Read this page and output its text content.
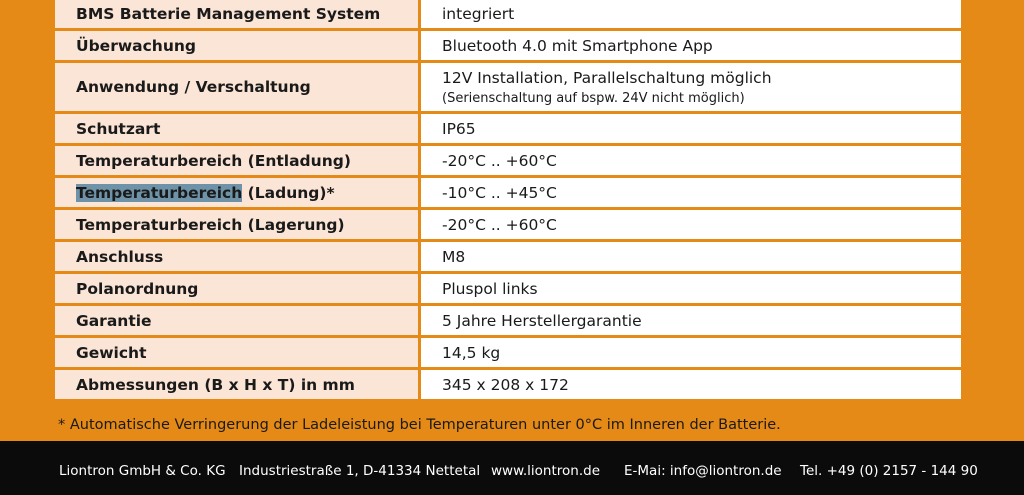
BMS Batterie Management System	integriert
Überwachung	Bluetooth 4.0 mit Smartphone App
Anwendung / Verschaltung	12V Installation, Parallelschaltung möglich
(Serienschaltung auf bspw. 24V nicht möglich)

Schutzart	IP65
Temperaturbereich (Entladung)	-20°C .. +60°C
Temperaturbereich (Ladung)*	-10°C .. +45°C
Temperaturbereich (Lagerung)	-20°C .. +60°C
Anschluss	M8
Polanordnung	Pluspol links
Garantie	5 Jahre Herstellergarantie
Gewicht	14,5 kg
Abmessungen (B x H x T) in mm	345 x 208 x 172
* Automatische Verringerung der Ladeleistung bei Temperaturen unter 0°C im Inneren der Batterie.
Liontron GmbH & Co. KG Industriestraße 1, D-41334 Nettetal www.liontron.de E-Mai: info@liontron.de Tel. +49 (0) 2157 - 144 90
